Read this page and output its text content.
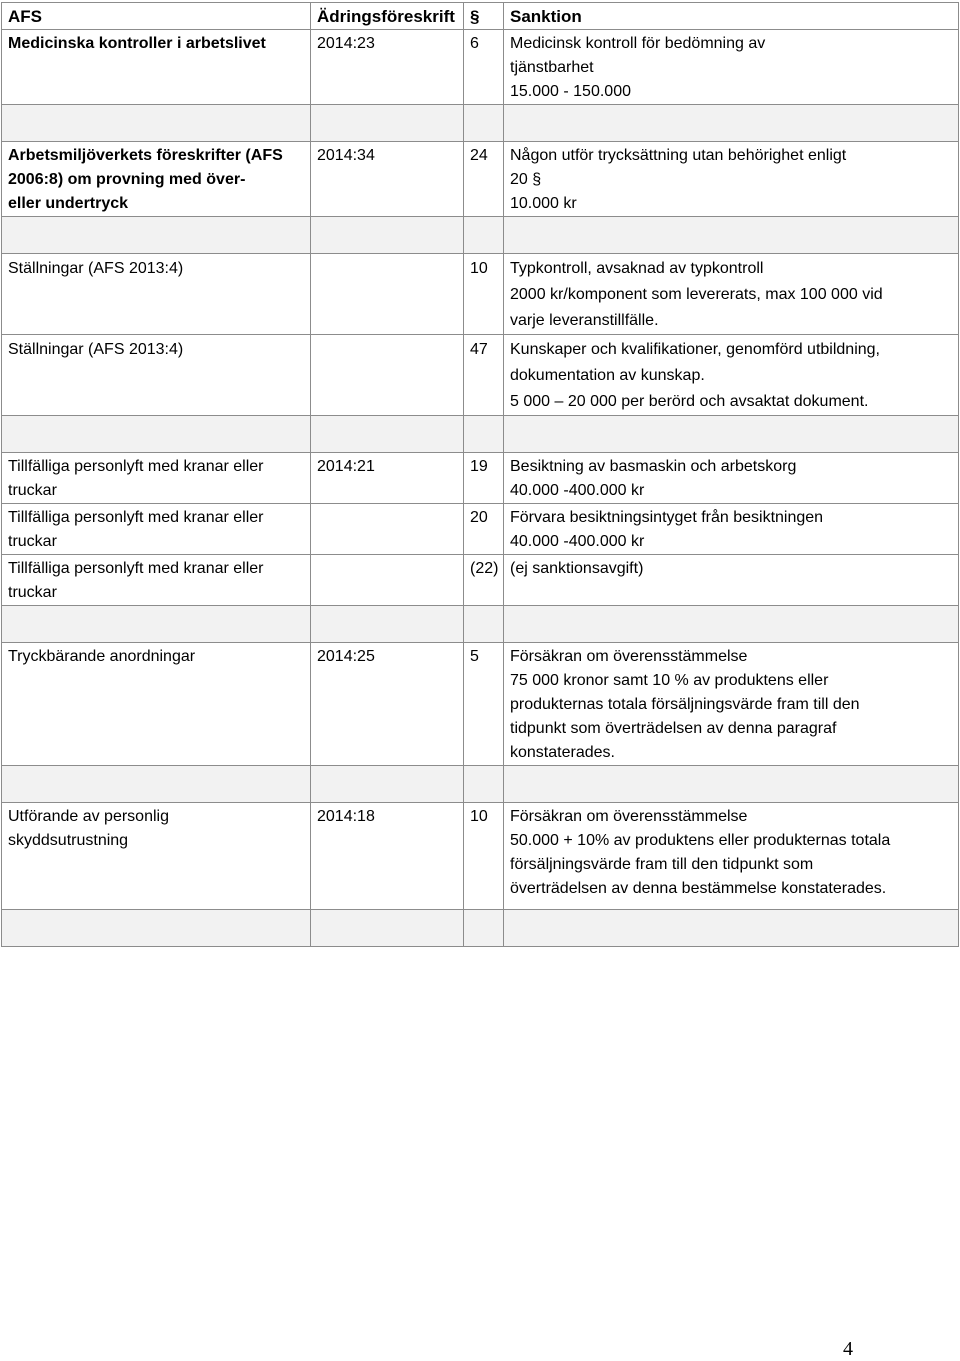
AFS	Ädringsföreskrift	§	Sanktion
Medicinska kontroller i arbetslivet	2014:23	6	Medicinsk kontroll för bedömning av
tjänstbarhet
15.000 - 150.000

Arbetsmiljöverkets föreskrifter (AFS
2006:8) om provning med över-
eller undertryck	2014:34	24	Någon utför trycksättning utan behörighet enligt
20 §
10.000 kr

Ställningar (AFS 2013:4)		10	Typkontroll, avsaknad av typkontroll
2000 kr/komponent som levererats, max 100 000 vid
varje leveranstillfälle.

Ställningar (AFS 2013:4)		47	Kunskaper och kvalifikationer, genomförd utbildning,
dokumentation av kunskap.
5 000 – 20 000 per berörd och avsaktat dokument.

Tillfälliga personlyft med kranar eller
truckar	2014:21	19	Besiktning av basmaskin och arbetskorg
40.000 -400.000 kr

Tillfälliga personlyft med kranar eller
truckar		20	Förvara besiktningsintyget från besiktningen
40.000 -400.000 kr

Tillfälliga personlyft med kranar eller
truckar		(22)	(ej sanktionsavgift)

Tryckbärande anordningar	2014:25	5	Försäkran om överensstämmelse
75 000 kronor samt 10 % av produktens eller
produkternas totala försäljningsvärde fram till den
tidpunkt som överträdelsen av denna paragraf
konstaterades.

Utförande av personlig
skyddsutrustning	2014:18	10	Försäkran om överensstämmelse
50.000 + 10% av produktens eller produkternas totala
försäljningsvärde fram till den tidpunkt som
överträdelsen av denna bestämmelse konstaterades.

4
